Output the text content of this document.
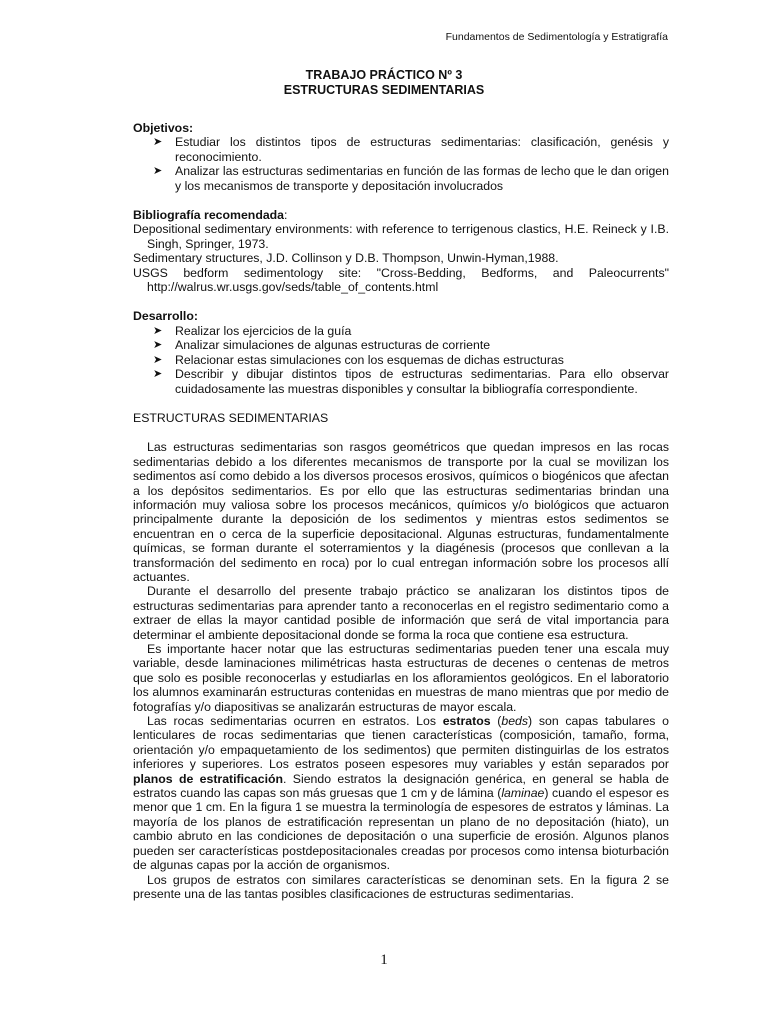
Fundamentos de Sedimentología y Estratigrafía
TRABAJO PRÁCTICO Nº 3
ESTRUCTURAS SEDIMENTARIAS
Objetivos:
➤ Estudiar los distintos tipos de estructuras sedimentarias: clasificación, genésis y reconocimiento.
➤ Analizar las estructuras sedimentarias en función de las formas de lecho que le dan origen y los mecanismos de transporte y depositación involucrados
Bibliografía recomendada:
Depositional sedimentary environments: with reference to terrigenous clastics, H.E. Reineck y I.B. Singh, Springer, 1973.
Sedimentary structures, J.D. Collinson y D.B. Thompson, Unwin-Hyman,1988.
USGS bedform sedimentology site: "Cross-Bedding, Bedforms, and Paleocurrents" http://walrus.wr.usgs.gov/seds/table_of_contents.html
Desarrollo:
➤ Realizar los ejercicios de la guía
➤ Analizar simulaciones de algunas estructuras de corriente
➤ Relacionar estas simulaciones con los esquemas de dichas estructuras
➤ Describir y dibujar distintos tipos de estructuras sedimentarias. Para ello observar cuidadosamente las muestras disponibles y consultar la bibliografía correspondiente.
ESTRUCTURAS SEDIMENTARIAS

Las estructuras sedimentarias son rasgos geométricos que quedan impresos en las rocas sedimentarias debido a los diferentes mecanismos de transporte por la cual se movilizan los sedimentos así como debido a los diversos procesos erosivos, químicos o biogénicos que afectan a los depósitos sedimentarios. Es por ello que las estructuras sedimentarias brindan una información muy valiosa sobre los procesos mecánicos, químicos y/o biológicos que actuaron principalmente durante la deposición de los sedimentos y mientras estos sedimentos se encuentran en o cerca de la superficie depositacional. Algunas estructuras, fundamentalmente químicas, se forman durante el soterramientos y la diagénesis (procesos que conllevan a la transformación del sedimento en roca) por lo cual entregan información sobre los procesos allí actuantes.

Durante el desarrollo del presente trabajo práctico se analizaran los distintos tipos de estructuras sedimentarias para aprender tanto a reconocerlas en el registro sedimentario como a extraer de ellas la mayor cantidad posible de información que será de vital importancia para determinar el ambiente depositacional donde se forma la roca que contiene esa estructura.

Es importante hacer notar que las estructuras sedimentarias pueden tener una escala muy variable, desde laminaciones milimétricas hasta estructuras de decenes o centenas de metros que solo es posible reconocerlas y estudiarlas en los afloramientos geológicos. En el laboratorio los alumnos examinarán estructuras contenidas en muestras de mano mientras que por medio de fotografías y/o diapositivas se analizarán estructuras de mayor escala.

Las rocas sedimentarias ocurren en estratos. Los estratos (beds) son capas tabulares o lenticulares de rocas sedimentarias que tienen características (composición, tamaño, forma, orientación y/o empaquetamiento de los sedimentos) que permiten distinguirlas de los estratos inferiores y superiores. Los estratos poseen espesores muy variables y están separados por planos de estratificación. Siendo estratos la designación genérica, en general se habla de estratos cuando las capas son más gruesas que 1 cm y de lámina (laminae) cuando el espesor es menor que 1 cm. En la figura 1 se muestra la terminología de espesores de estratos y láminas. La mayoría de los planos de estratificación representan un plano de no depositación (hiato), un cambio abruto en las condiciones de depositación o una superficie de erosión. Algunos planos pueden ser características postdepositacionales creadas por procesos como intensa bioturbación de algunas capas por la acción de organismos.

Los grupos de estratos con similares características se denominan sets. En la figura 2 se presente una de las tantas posibles clasificaciones de estructuras sedimentarias.

1
